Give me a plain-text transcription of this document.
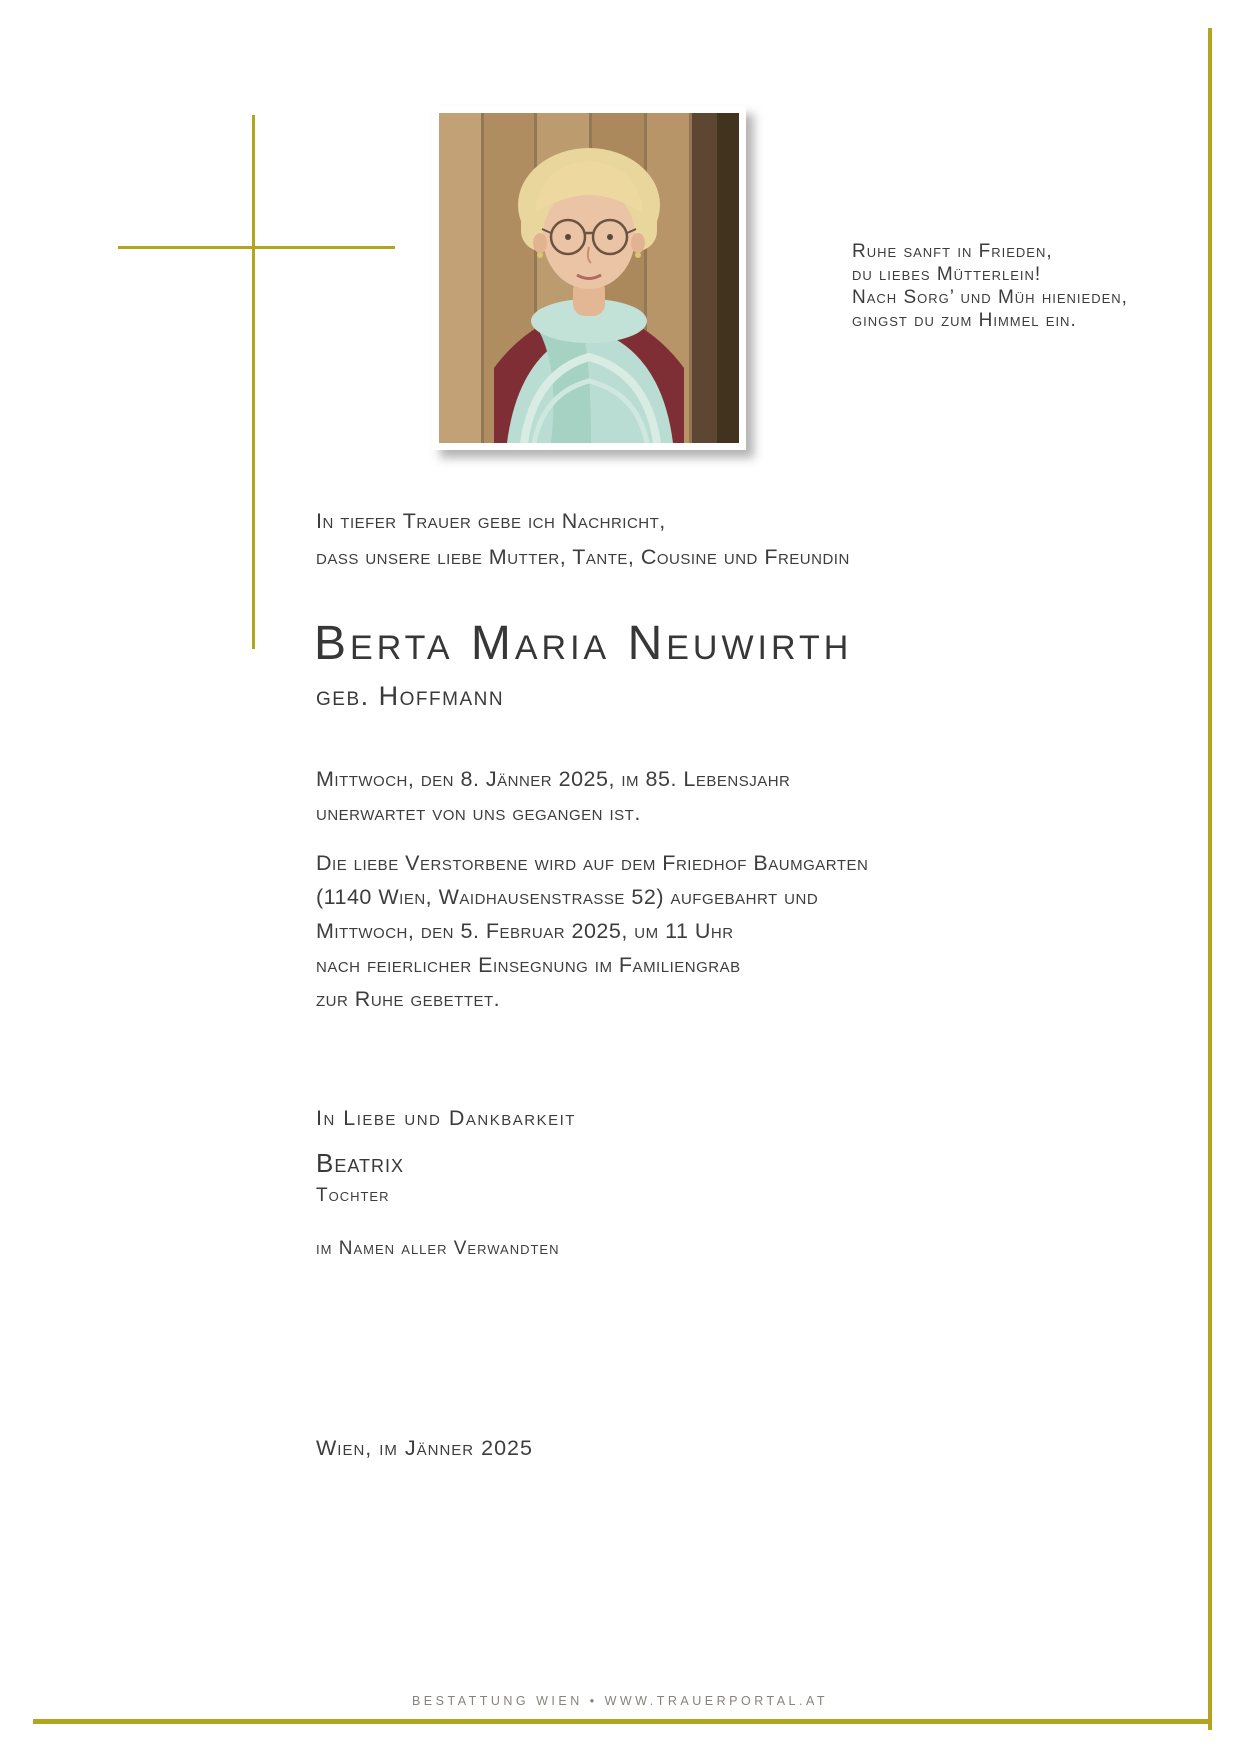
Ruhe sanft in Frieden,
du liebes Mütterlein!
Nach Sorg’ und Müh hienieden,
gingst du zum Himmel ein.
In tiefer Trauer gebe ich Nachricht,
dass unsere liebe Mutter, Tante, Cousine und Freundin
Berta Maria Neuwirth
geb. Hoffmann
Mittwoch, den 8. Jänner 2025, im 85. Lebensjahr
unerwartet von uns gegangen ist.
Die liebe Verstorbene wird auf dem Friedhof Baumgarten
(1140 Wien, Waidhausenstrasse 52) aufgebahrt und
Mittwoch, den 5. Februar 2025, um 11 Uhr
nach feierlicher Einsegnung im Familiengrab
zur Ruhe gebettet.
In Liebe und Dankbarkeit
Beatrix
Tochter
im Namen aller Verwandten
Wien, im Jänner 2025
BESTATTUNG WIEN • WWW.TRAUERPORTAL.AT
